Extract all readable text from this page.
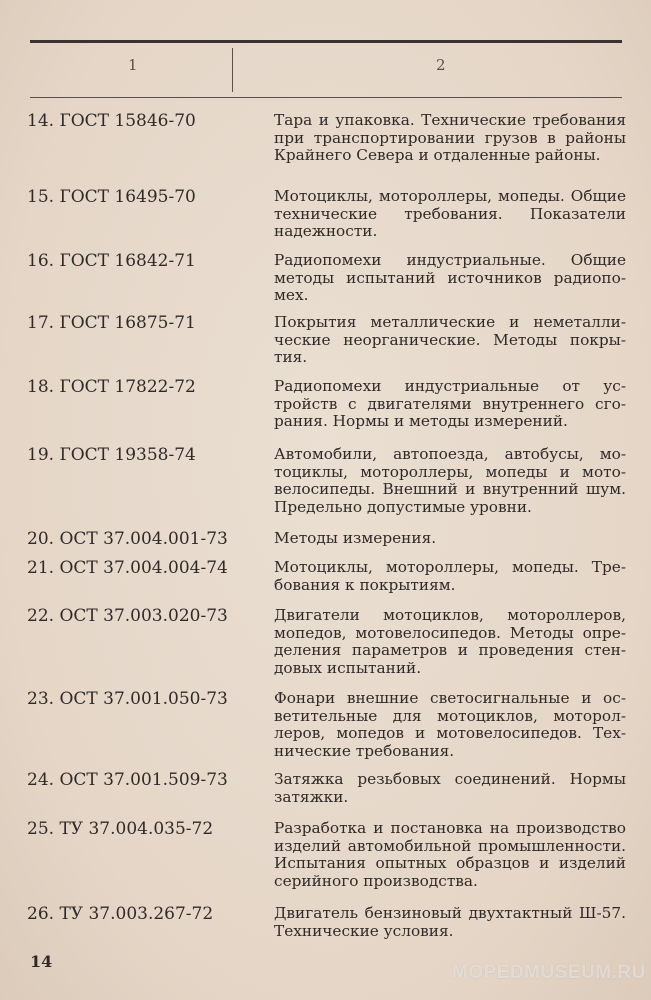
1	2
14. ГОСТ 15846-70	Тара и упаковка. Технические требования при транспортировании грузов в районы Крайнего Севера и отдаленные районы.
15. ГОСТ 16495-70	Мотоциклы, мотороллеры, мопеды. Общие технические требования. Показатели надежности.
16. ГОСТ 16842-71	Радиопомехи индустриальные. Общие методы испытаний источников радиопомех.
17. ГОСТ 16875-71	Покрытия металлические и неметаллические неорганические. Методы покрытия.
18. ГОСТ 17822-72	Радиопомехи индустриальные от устройств с двигателями внутреннего сгорания. Нормы и методы измерений.
19. ГОСТ 19358-74	Автомобили, автопоезда, автобусы, мотоциклы, мотороллеры, мопеды и мотовелосипеды. Внешний и внутренний шум. Предельно допустимые уровни.
20. ОСТ 37.004.001-73	Методы измерения.
21. ОСТ 37.004.004-74	Мотоциклы, мотороллеры, мопеды. Требования к покрытиям.
22. ОСТ 37.003.020-73	Двигатели мотоциклов, мотороллеров, мопедов, мотовелосипедов. Методы определения параметров и проведения стендовых испытаний.
23. ОСТ 37.001.050-73	Фонари внешние светосигнальные и осветительные для мотоциклов, мотороллеров, мопедов и мотовелосипедов. Технические требования.
24. ОСТ 37.001.509-73	Затяжка резьбовых соединений. Нормы затяжки.
25. ТУ 37.004.035-72	Разработка и постановка на производство изделий автомобильной промышленности. Испытания опытных образцов и изделий серийного производства.
26. ТУ 37.003.267-72	Двигатель бензиновый двухтактный Ш-57. Технические условия.
14
MOPEDMUSEUM.RU
